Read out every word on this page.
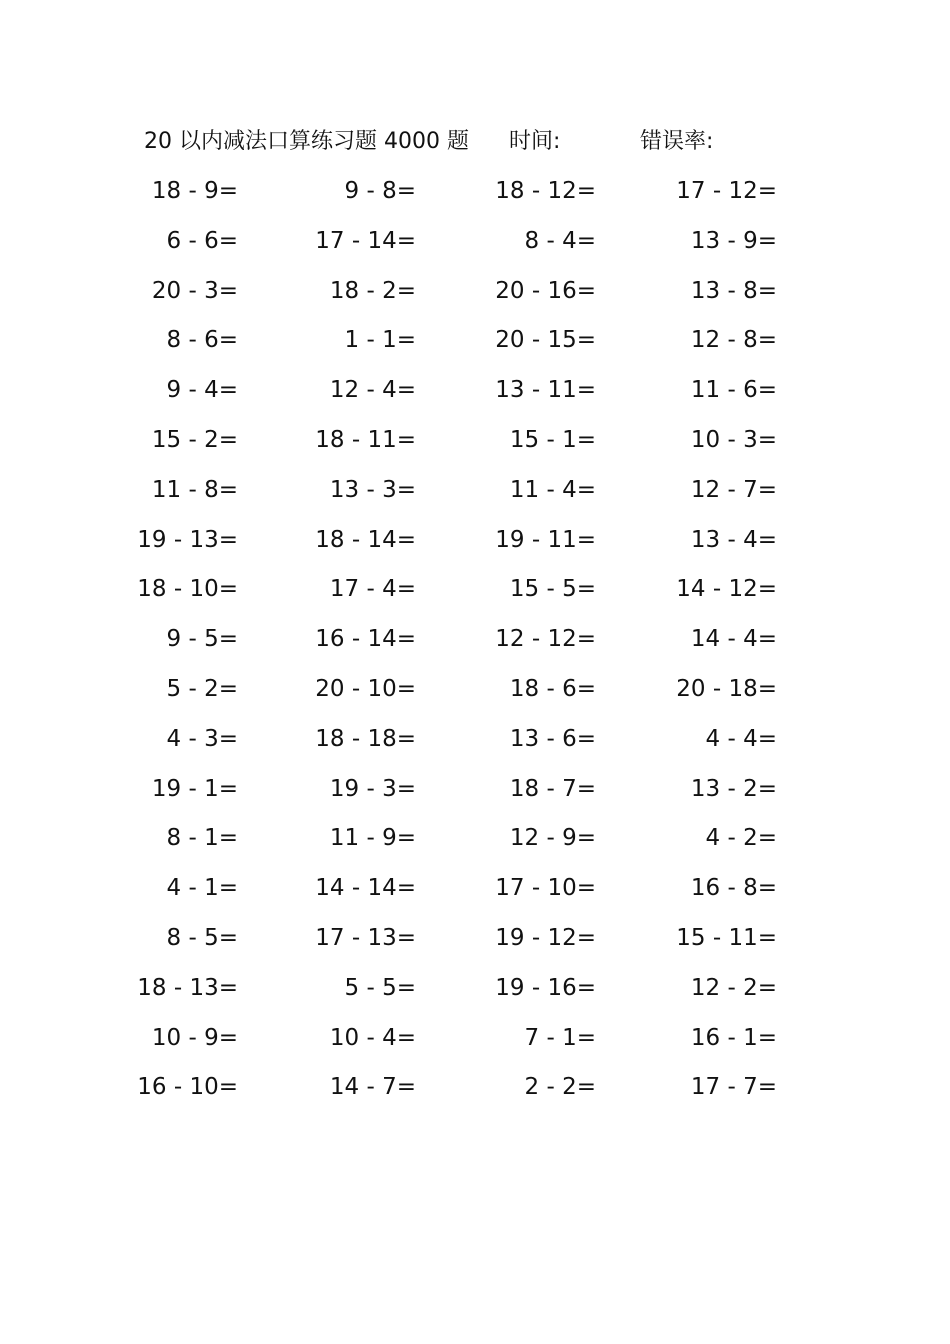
20 以内减法口算练习题 4000 题 时间:	错误率:
18 - 9=	9 - 8=	18 - 12=	17 - 12=
6 - 6=	17 - 14=	8 - 4=	13 - 9=
20 - 3=	18 - 2=	20 - 16=	13 - 8=
8 - 6=	1 - 1=	20 - 15=	12 - 8=
9 - 4=	12 - 4=	13 - 11=	11 - 6=
15 - 2=	18 - 11=	15 - 1=	10 - 3=
11 - 8=	13 - 3=	11 - 4=	12 - 7=
19 - 13=	18 - 14=	19 - 11=	13 - 4=
18 - 10=	17 - 4=	15 - 5=	14 - 12=
9 - 5=	16 - 14=	12 - 12=	14 - 4=
5 - 2=	20 - 10=	18 - 6=	20 - 18=
4 - 3=	18 - 18=	13 - 6=	4 - 4=
19 - 1=	19 - 3=	18 - 7=	13 - 2=
8 - 1=	11 - 9=	12 - 9=	4 - 2=
4 - 1=	14 - 14=	17 - 10=	16 - 8=
8 - 5=	17 - 13=	19 - 12=	15 - 11=
18 - 13=	5 - 5=	19 - 16=	12 - 2=
10 - 9=	10 - 4=	7 - 1=	16 - 1=
16 - 10=	14 - 7=	2 - 2=	17 - 7=
